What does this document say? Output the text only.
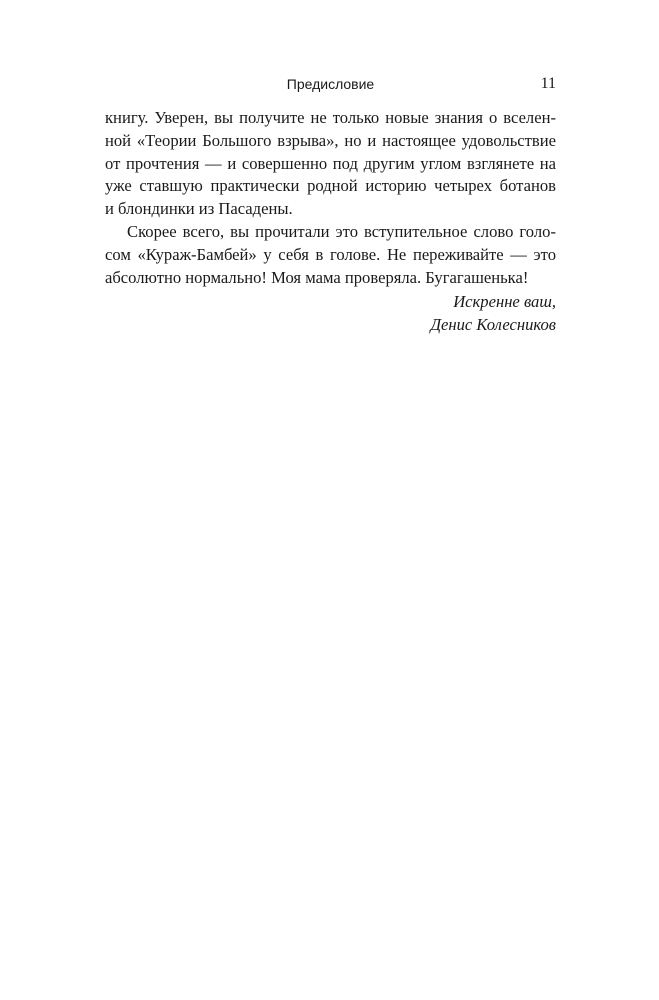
Предисловие	11
книгу. Уверен, вы получите не только новые знания о вселен-
ной «Теории Большого взрыва», но и настоящее удовольствие
от прочтения — и совершенно под другим углом взглянете на
уже ставшую практически родной историю четырех ботанов
и блондинки из Пасадены.
Скорее всего, вы прочитали это вступительное слово голо-
сом «Кураж-Бамбей» у себя в голове. Не переживайте — это
абсолютно нормально! Моя мама проверяла. Бугагашенька!
Искренне ваш,
Денис Колесников
